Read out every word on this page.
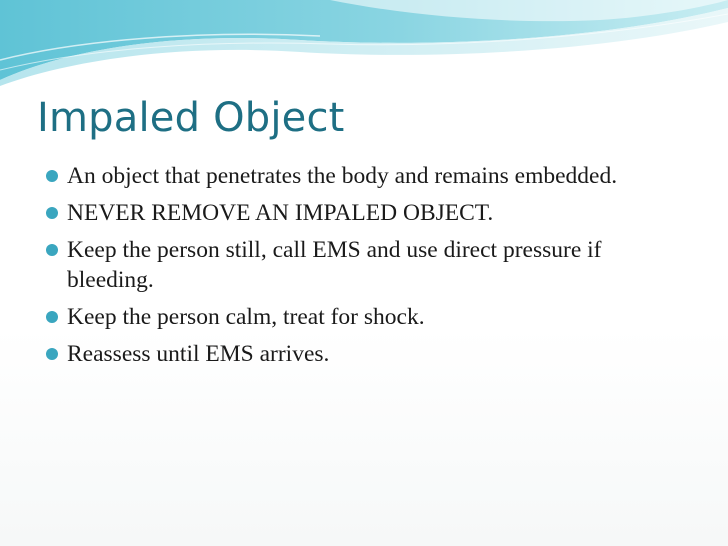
Impaled Object
An object that penetrates the body and remains embedded.
NEVER REMOVE AN IMPALED OBJECT.
Keep the person still, call EMS and use direct pressure if bleeding.
Keep the person calm, treat for shock.
Reassess until EMS arrives.
